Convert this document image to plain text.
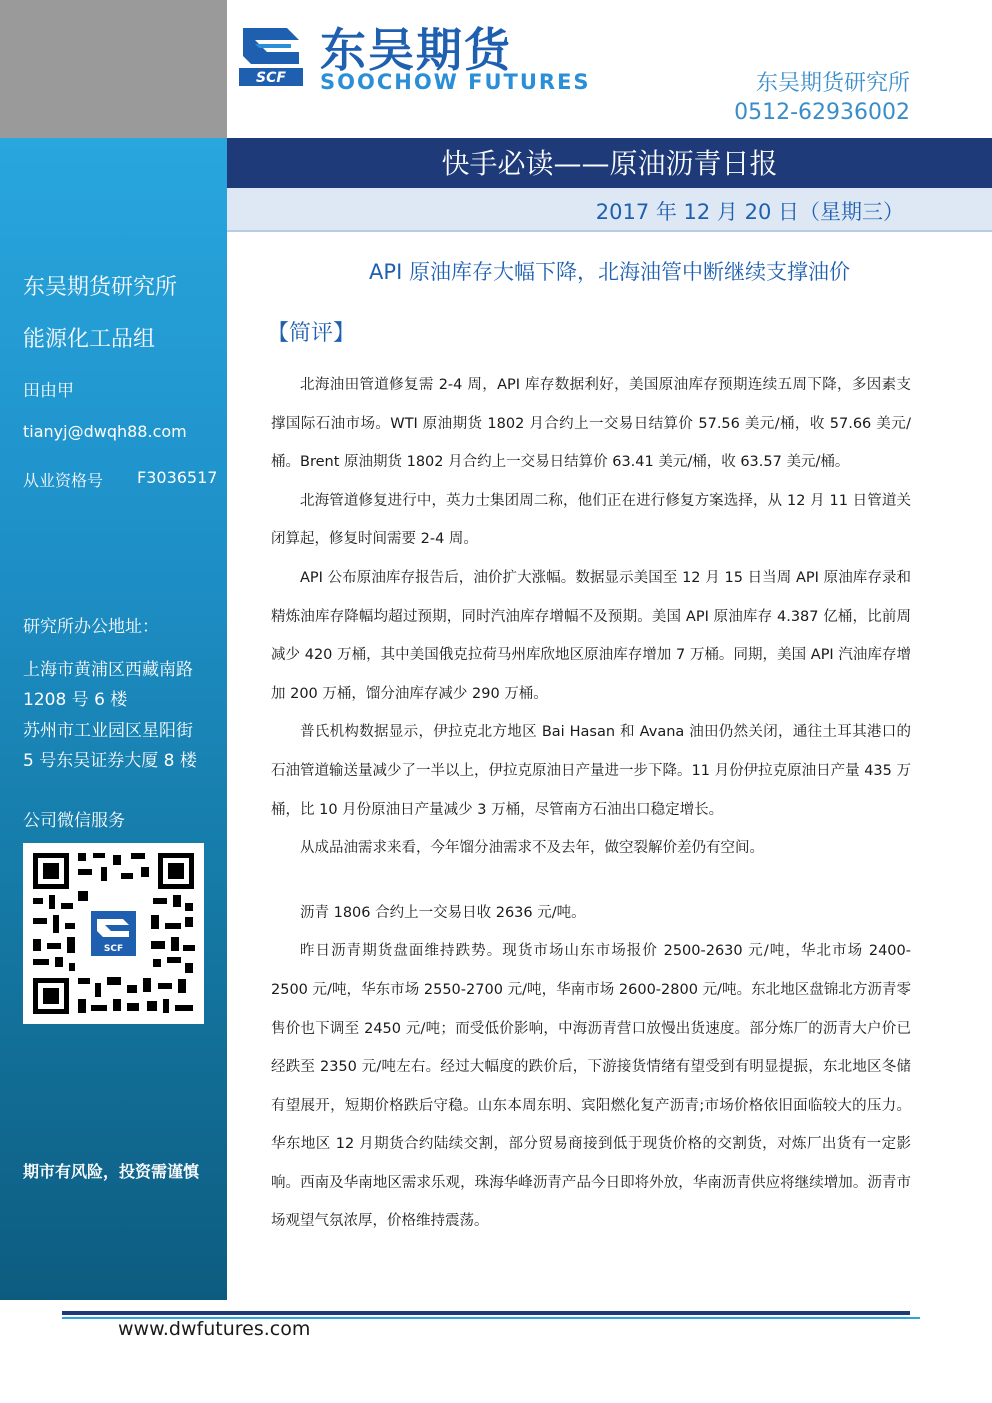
SCF
东吴期货
SOOCHOW FUTURES	东吴期货研究所
0512-62936002
快手必读——原油沥青日报
2017 年 12 月 20 日（星期三）
东吴期货研究所
能源化工品组
田由甲
tianyj@dwqh88.com
从业资格号 F3036517
研究所办公地址：
上海市黄浦区西藏南路
1208 号 6 楼
苏州市工业园区星阳街
5 号东吴证券大厦 8 楼
公司微信服务
SCF
期市有风险，投资需谨慎
API 原油库存大幅下降，北海油管中断继续支撑油价
【简评】

北海油田管道修复需 2-4 周，API 库存数据利好，美国原油库存预期连续五周下降，多因素支撑国际石油市场。WTI 原油期货 1802 月合约上一交易日结算价 57.56 美元/桶，收 57.66 美元/桶。Brent 原油期货 1802 月合约上一交易日结算价 63.41 美元/桶，收 63.57 美元/桶。

北海管道修复进行中，英力士集团周二称，他们正在进行修复方案选择，从 12 月 11 日管道关闭算起，修复时间需要 2-4 周。

API 公布原油库存报告后，油价扩大涨幅。数据显示美国至 12 月 15 日当周 API 原油库存录和精炼油库存降幅均超过预期，同时汽油库存增幅不及预期。美国 API 原油库存 4.387 亿桶，比前周减少 420 万桶，其中美国俄克拉荷马州库欣地区原油库存增加 7 万桶。同期，美国 API 汽油库存增加 200 万桶，馏分油库存减少 290 万桶。

普氏机构数据显示，伊拉克北方地区 Bai Hasan 和 Avana 油田仍然关闭，通往土耳其港口的石油管道输送量减少了一半以上，伊拉克原油日产量进一步下降。11 月份伊拉克原油日产量 435 万桶，比 10 月份原油日产量减少 3 万桶，尽管南方石油出口稳定增长。

从成品油需求来看，今年馏分油需求不及去年，做空裂解价差仍有空间。

沥青 1806 合约上一交易日收 2636 元/吨。

昨日沥青期货盘面维持跌势。现货市场山东市场报价 2500-2630 元/吨，华北市场 2400-2500 元/吨，华东市场 2550-2700 元/吨，华南市场 2600-2800 元/吨。东北地区盘锦北方沥青零售价也下调至 2450 元/吨；而受低价影响，中海沥青营口放慢出货速度。部分炼厂的沥青大户价已经跌至 2350 元/吨左右。经过大幅度的跌价后，下游接货情绪有望受到有明显提振，东北地区冬储有望展开，短期价格跌后守稳。山东本周东明、宾阳燃化复产沥青;市场价格依旧面临较大的压力。华东地区 12 月期货合约陆续交割，部分贸易商接到低于现货价格的交割货，对炼厂出货有一定影响。西南及华南地区需求乐观，珠海华峰沥青产品今日即将外放，华南沥青供应将继续增加。沥青市场观望气氛浓厚，价格维持震荡。

www.dwfutures.com
